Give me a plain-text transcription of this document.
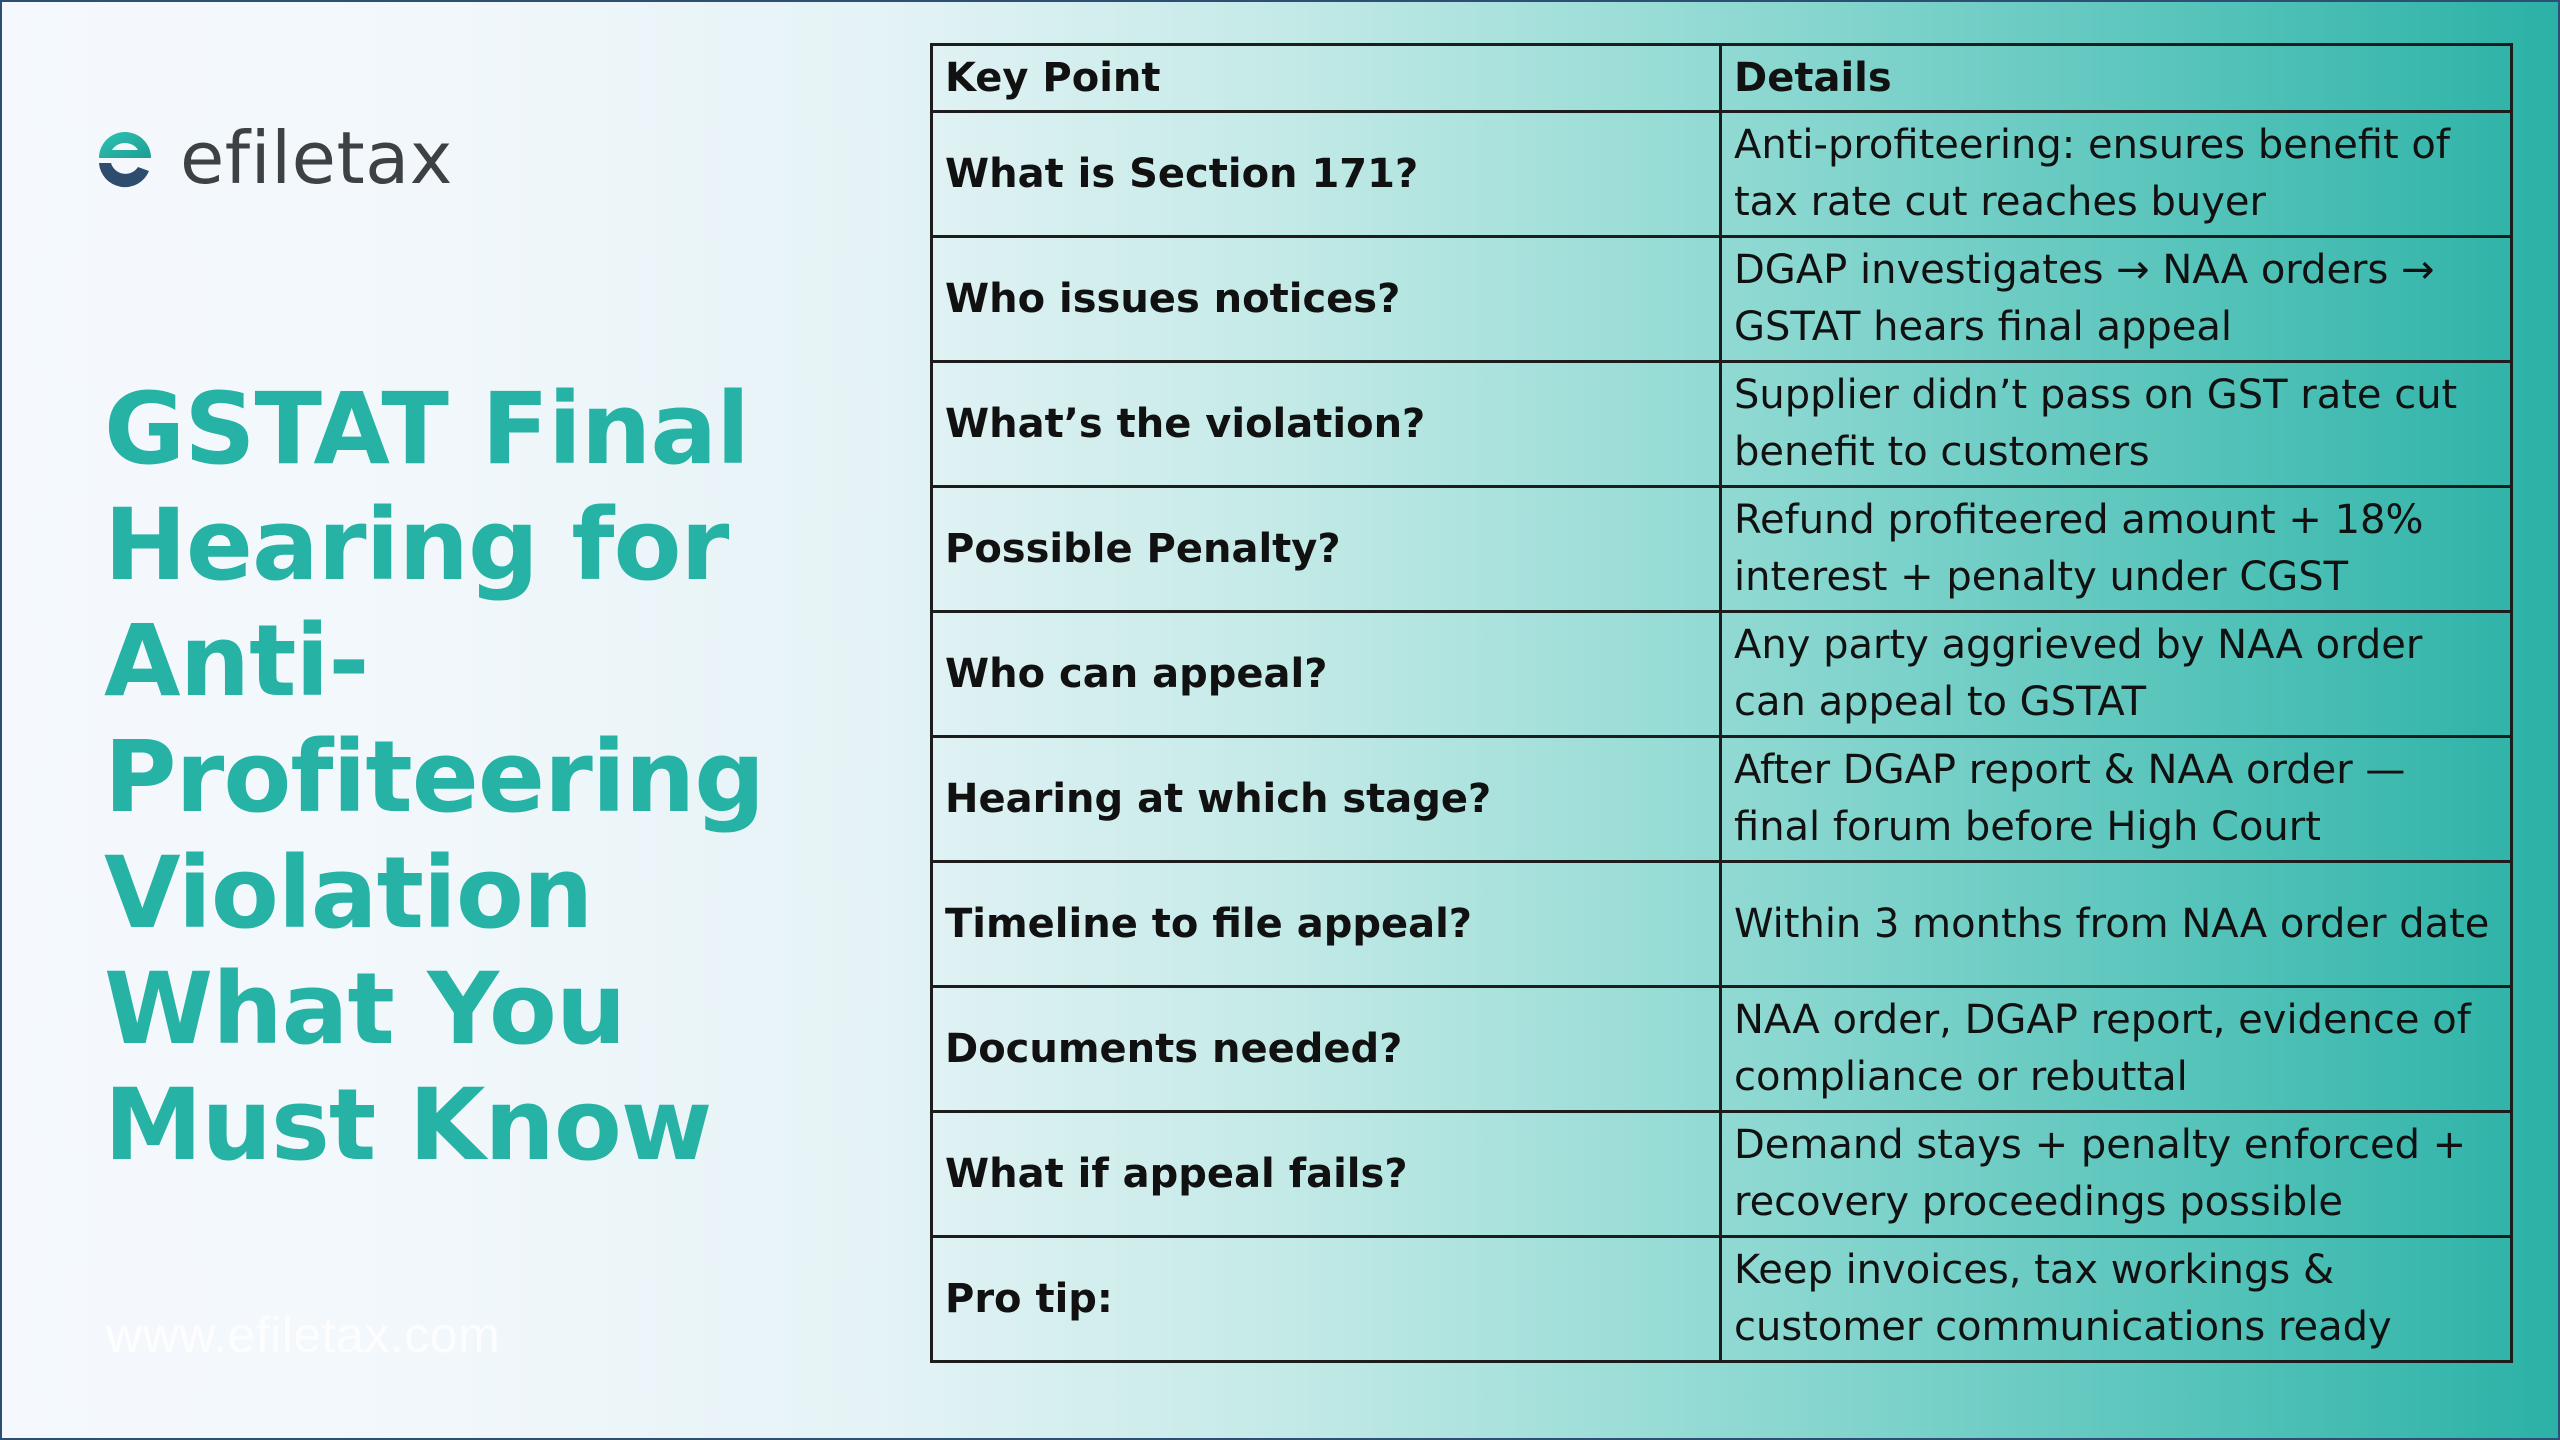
efiletax
GSTAT Final
Hearing for
Anti-
Profiteering
Violation
What You
Must Know
www.efiletax.com
Key Point	Details
What is Section 171?	Anti-profiteering: ensures benefit of tax rate cut reaches buyer
Who issues notices?	DGAP investigates → NAA orders → GSTAT hears final appeal
What’s the violation?	Supplier didn’t pass on GST rate cut benefit to customers
Possible Penalty?	Refund profiteered amount + 18% interest + penalty under CGST
Who can appeal?	Any party aggrieved by NAA order can appeal to GSTAT
Hearing at which stage?	After DGAP report & NAA order — final forum before High Court
Timeline to file appeal?	Within 3 months from NAA order date
Documents needed?	NAA order, DGAP report, evidence of compliance or rebuttal
What if appeal fails?	Demand stays + penalty enforced + recovery proceedings possible
Pro tip:	Keep invoices, tax workings & customer communications ready
